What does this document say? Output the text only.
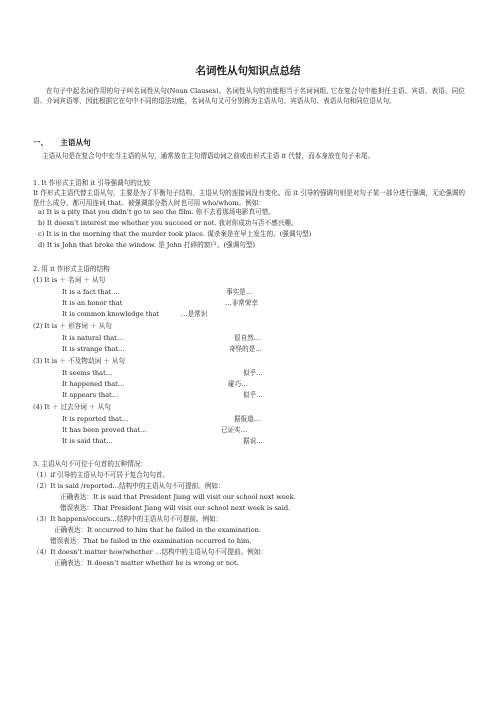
名词性从句知识点总结
在句子中起名词作用的句子叫名词性从句(Noun Clauses)。名词性从句的功能相当于名词词组, 它在复合句中能担任主语、宾语、表语、同位语、介词宾语等，因此根据它在句中不同的语法功能，名词从句又可分别称为主语从句、宾语从句、表语从句和同位语从句。
一、 主语从句
主语从句是在复合句中充当主语的从句，通常放在主句谓语动词之前或由形式主语 it 代替，而本身放在句子末尾。
1. It 作形式主语和 it 引导强调句的比较
It 作形式主语代替主语从句，主要是为了平衡句子结构，主语从句的连接词没有变化。而 it 引导的强调句则是对句子某一部分进行强调，无论强调的是什么成分，都可用连词 that。被强调部分指人时也可用 who/whom。例如：
a) It is a pity that you didn’t go to see the film. 你不去看那场电影真可惜。
b) It doesn’t interest me whether you succeed or not. 我对你成功与否不感兴趣。
c) It is in the morning that the murder took place. 谋杀案是在早上发生的。(强调句型)
d) It is John that broke the window. 是 John 打碎的窗户。(强调句型)
2. 用 it 作形式主语的结构
(1) It is ＋ 名词 ＋ 从句
It is a fact that …	事实是…
It is an honor that	…非常荣幸
It is common knowledge that	…是常识
(2) It is ＋ 形容词 ＋ 从句
It is natural that…	很自然…
It is strange that…	奇怪的是…
(3) It is ＋ 不及物动词 ＋ 从句
It seems that…	似乎…
It happened that…	碰巧…
It appears that…	似乎…
(4) It ＋ 过去分词 ＋ 从句
It is reported that…	据报道…
It has been proved that…	已证实…
It is said that…	据说…
3. 主语从句不可位于句首的五种情况：
（1）if 引导的主语从句不可居于复合句句首。
（2）It is said /reported…结构中的主语从句不可提前。例如：
正确表达：It is said that President Jiang will visit our school next week.
错误表达：That President Jiang will visit our school next week is said.
（3）It happens/occurs…结构中的主语从句不可提前。例如：
正确表达：It occurred to him that he failed in the examination.
错误表达：That he failed in the examination occurred to him.
（4）It doesn’t matter how/whether …结构中的主语从句不可提前。例如：
正确表达：It doesn’t matter whether he is wrong or not.
